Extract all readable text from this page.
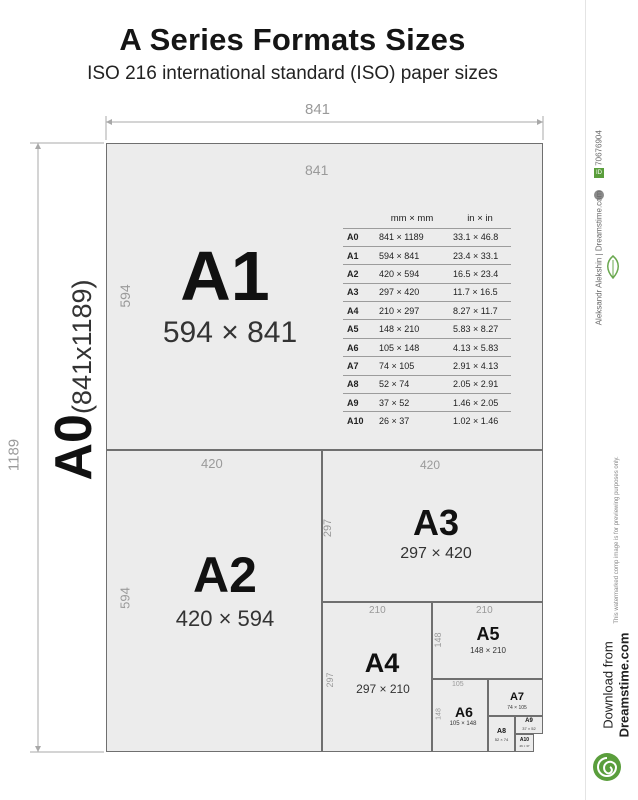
A Series Formats Sizes
ISO 216 international standard (ISO) paper sizes
841
1189 A0(841x1189)
841
594 A1
594 × 841
	mm × mm	in × in
A0	841 × 1189	33.1 × 46.8
A1	594 × 841	23.4 × 33.1
A2	420 × 594	16.5 × 23.4
A3	297 × 420	11.7 × 16.5
A4	210 × 297	8.27 × 11.7
A5	148 × 210	5.83 × 8.27
A6	105 × 148	4.13 × 5.83
A7	74 × 105	2.91 × 4.13
A8	52 × 74	2.05 × 2.91
A9	37 × 52	1.46 × 2.05
A10	26 × 37	1.02 × 1.46
420
594	A2
420 × 594
420
297	A3
297 × 420
210
297
A4
297 × 210
210
148	A5
148 × 210
105
148 A6
105 × 148
A7
74 × 105
A8
52 × 74
A9
37 × 52
A10
26 × 37
ID
70676904
Aleksandr Alekshin | Dreamstime.com
This watermarked comp image is for previewing purposes only.
Download from Dreamstime.com
